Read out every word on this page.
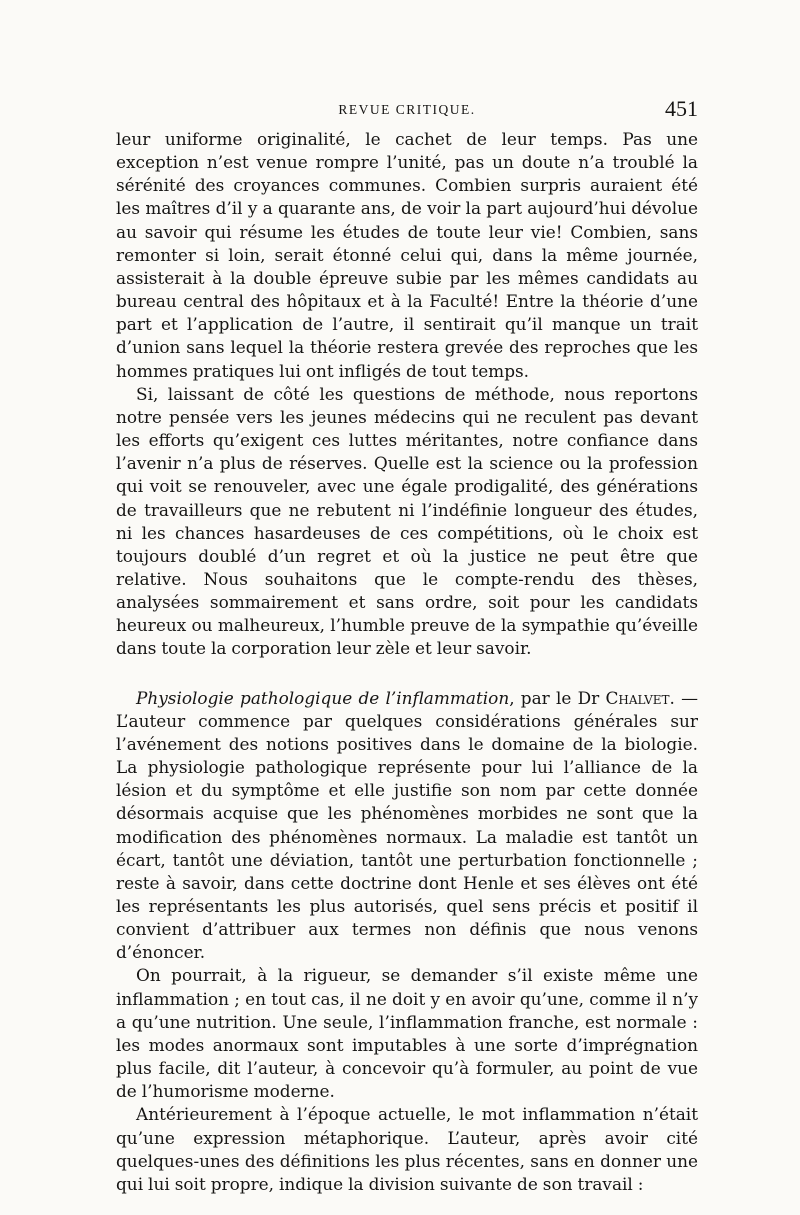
REVUE CRITIQUE.	451

leur uniforme originalité, le cachet de leur temps. Pas une exception n’est venue rompre l’unité, pas un doute n’a troublé la sérénité des croyances communes. Combien surpris auraient été les maîtres d’il y a quarante ans, de voir la part aujourd’hui dévolue au savoir qui résume les études de toute leur vie! Combien, sans remonter si loin, serait étonné celui qui, dans la même journée, assisterait à la double épreuve subie par les mêmes candidats au bureau central des hôpitaux et à la Faculté! Entre la théorie d’une part et l’application de l’autre, il sentirait qu’il manque un trait d’union sans lequel la théorie restera grevée des reproches que les hommes pratiques lui ont infligés de tout temps.

Si, laissant de côté les questions de méthode, nous reportons notre pensée vers les jeunes médecins qui ne reculent pas devant les efforts qu’exigent ces luttes méritantes, notre confiance dans l’avenir n’a plus de réserves. Quelle est la science ou la profession qui voit se renouveler, avec une égale prodigalité, des générations de travailleurs que ne rebutent ni l’indéfinie longueur des études, ni les chances hasardeuses de ces compétitions, où le choix est toujours doublé d’un regret et où la justice ne peut être que relative. Nous souhaitons que le compte-rendu des thèses, analysées sommairement et sans ordre, soit pour les candidats heureux ou malheureux, l’humble preuve de la sympathie qu’éveille dans toute la corporation leur zèle et leur savoir.

Physiologie pathologique de l’inflammation, par le Dr Chalvet. — L’auteur commence par quelques considérations générales sur l’avénement des notions positives dans le domaine de la biologie. La physiologie pathologique représente pour lui l’alliance de la lésion et du symptôme et elle justifie son nom par cette donnée désormais acquise que les phénomènes morbides ne sont que la modification des phénomènes normaux. La maladie est tantôt un écart, tantôt une déviation, tantôt une perturbation fonctionnelle ; reste à savoir, dans cette doctrine dont Henle et ses élèves ont été les représentants les plus autorisés, quel sens précis et positif il convient d’attribuer aux termes non définis que nous venons d’énoncer.

On pourrait, à la rigueur, se demander s’il existe même une inflammation ; en tout cas, il ne doit y en avoir qu’une, comme il n’y a qu’une nutrition. Une seule, l’inflammation franche, est normale : les modes anormaux sont imputables à une sorte d’imprégnation plus facile, dit l’auteur, à concevoir qu’à formuler, au point de vue de l’humorisme moderne.

Antérieurement à l’époque actuelle, le mot inflammation n’était qu’une expression métaphorique. L’auteur, après avoir cité quelques-unes des définitions les plus récentes, sans en donner une qui lui soit propre, indique la division suivante de son travail :
